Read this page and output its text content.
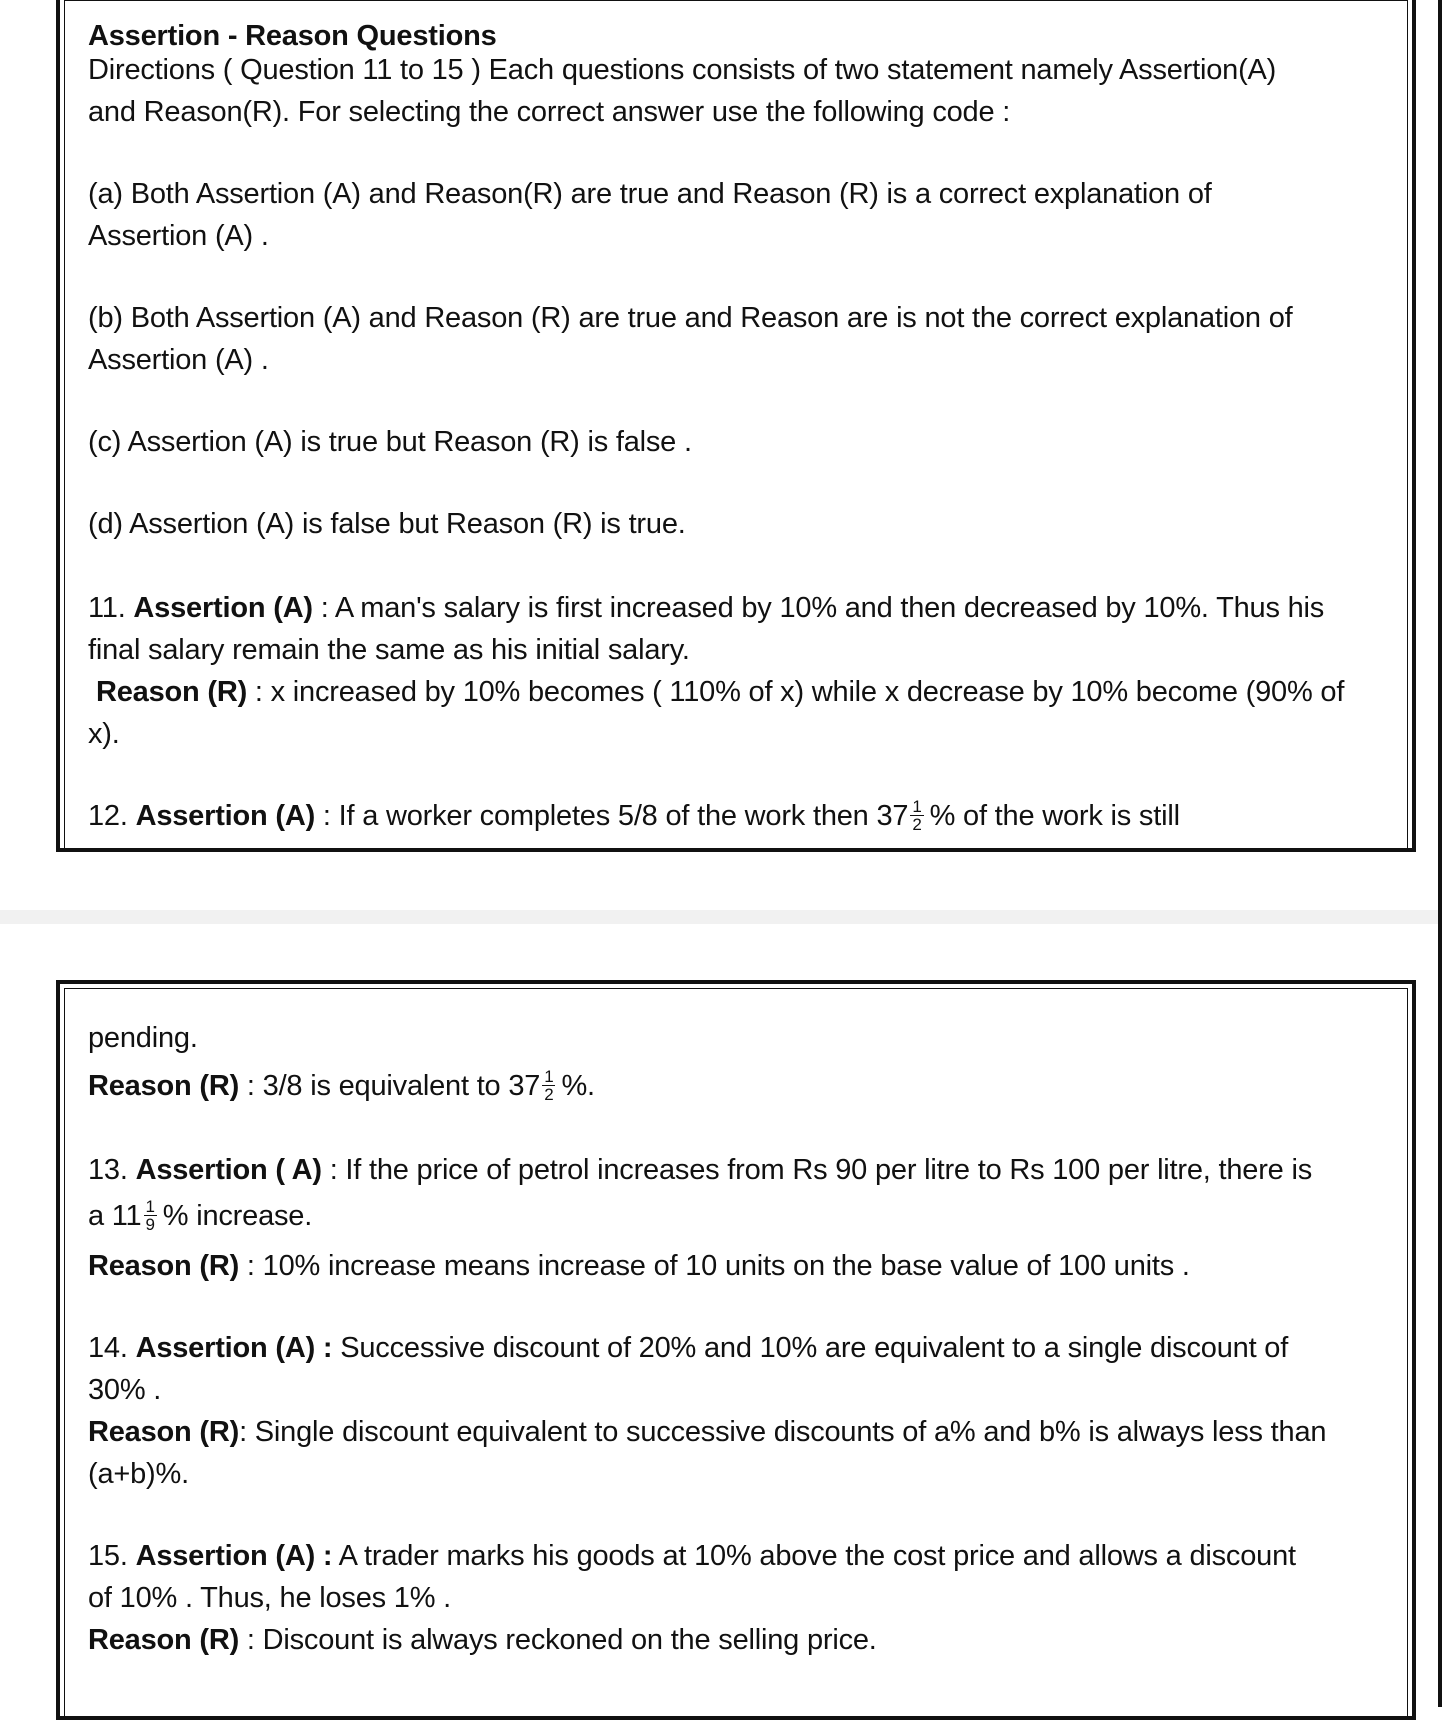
Assertion - Reason Questions

Directions ( Question 11 to 15 ) Each questions consists of two statement namely Assertion(A)

and Reason(R). For selecting the correct answer use the following code :

(a) Both Assertion (A) and Reason(R) are true and Reason (R) is a correct explanation of

Assertion (A) .

(b) Both Assertion (A) and Reason (R) are true and Reason are is not the correct explanation of

Assertion (A) .

(c) Assertion (A) is true but Reason (R) is false .

(d) Assertion (A) is false but Reason (R) is true.

11. Assertion (A) : A man's salary is first increased by 10% and then decreased by 10%. Thus his

final salary remain the same as his initial salary.

Reason (R) : x increased by 10% becomes ( 110% of x) while x decrease by 10% become (90% of

x).

12. Assertion (A) : If a worker completes 5/8 of the work then $37 \frac{1}{2}$ % of the work is still

pending.

Reason (R) : 3/8 is equivalent to $37 \frac{1}{2}$ %.

13. Assertion ( A) : If the price of petrol increases from Rs 90 per litre to Rs 100 per litre, there is

a $11 \frac{1}{9}$ % increase.

Reason (R) : 10% increase means increase of 10 units on the base value of 100 units .

14. Assertion (A) : Successive discount of 20% and 10% are equivalent to a single discount of

30% .

Reason (R): Single discount equivalent to successive discounts of a% and b% is always less than

(a+b)%.

15. Assertion (A) : A trader marks his goods at 10% above the cost price and allows a discount

of 10% . Thus, he loses 1% .

Reason (R) : Discount is always reckoned on the selling price.
